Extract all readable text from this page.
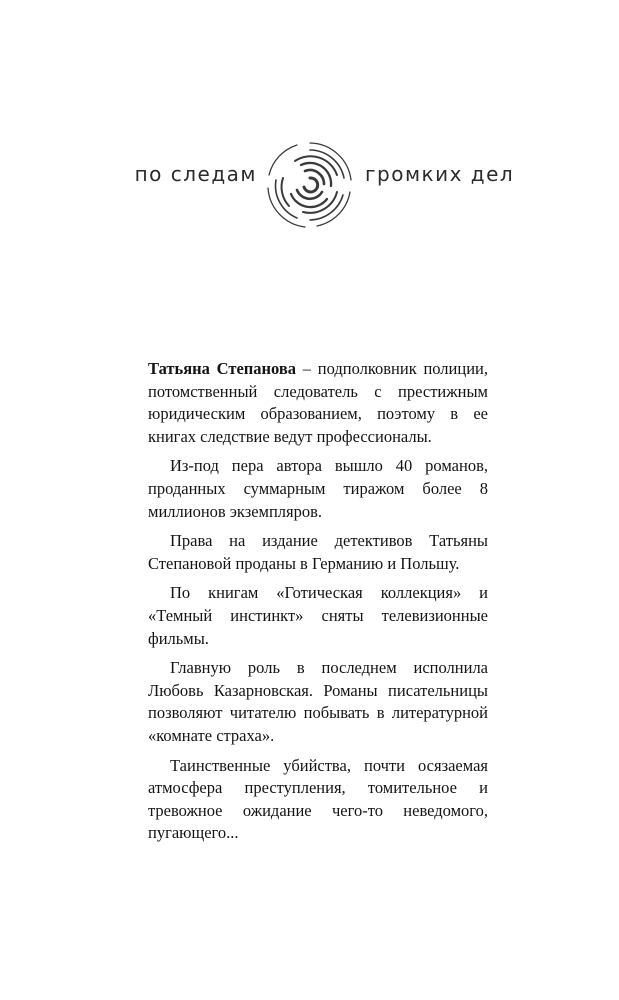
по следам	громких дел

Татьяна Степанова – подполковник полиции, потомственный следователь с престижным юридическим образованием, поэтому в ее книгах следствие ведут профессионалы.

Из-под пера автора вышло 40 романов, проданных суммарным тиражом более 8 миллионов экземпляров.

Права на издание детективов Татьяны Степановой проданы в Германию и Польшу.

По книгам «Готическая коллекция» и «Темный инстинкт» сняты телевизионные фильмы.

Главную роль в последнем исполнила Любовь Казарновская. Романы писательницы позволяют читателю побывать в литературной «комнате страха».

Таинственные убийства, почти осязаемая атмосфера преступления, томительное и тревожное ожидание чего-то неведомого, пугающего...
